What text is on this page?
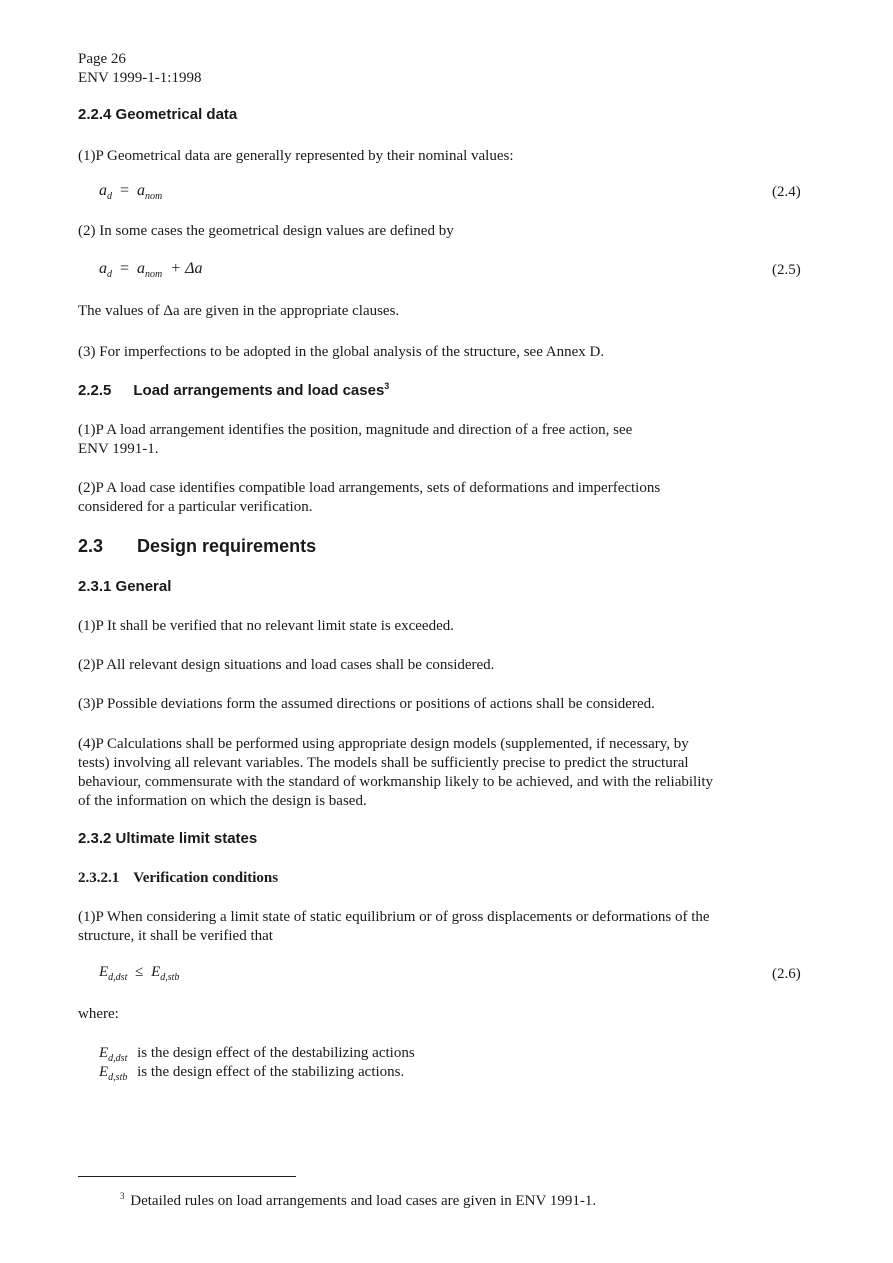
Page 26
ENV 1999-1-1:1998
2.2.4 Geometrical data
(1)P Geometrical data are generally represented by their nominal values:
$a_d = a_{nom}$	(2.4)
(2) In some cases the geometrical design values are defined by
$a_d = a_{nom} + \Delta a$	(2.5)
The values of Δa are given in the appropriate clauses.
(3) For imperfections to be adopted in the global analysis of the structure, see Annex D.
2.2.5 Load arrangements and load cases$^3$
(1)P A load arrangement identifies the position, magnitude and direction of a free action, see
ENV 1991-1.
(2)P A load case identifies compatible load arrangements, sets of deformations and imperfections
considered for a particular verification.
2.3 Design requirements
2.3.1 General
(1)P It shall be verified that no relevant limit state is exceeded.
(2)P All relevant design situations and load cases shall be considered.
(3)P Possible deviations form the assumed directions or positions of actions shall be considered.
(4)P Calculations shall be performed using appropriate design models (supplemented, if necessary, by
tests) involving all relevant variables. The models shall be sufficiently precise to predict the structural
behaviour, commensurate with the standard of workmanship likely to be achieved, and with the reliability
of the information on which the design is based.
2.3.2 Ultimate limit states
2.3.2.1 Verification conditions
(1)P When considering a limit state of static equilibrium or of gross displacements or deformations of the
structure, it shall be verified that
$E_{d,dst} \le E_{d,stb}$	(2.6)
where:
$E_{d,dst}$ is the design effect of the destabilizing actions
$E_{d,stb}$ is the design effect of the stabilizing actions.
$^3$ Detailed rules on load arrangements and load cases are given in ENV 1991-1.
